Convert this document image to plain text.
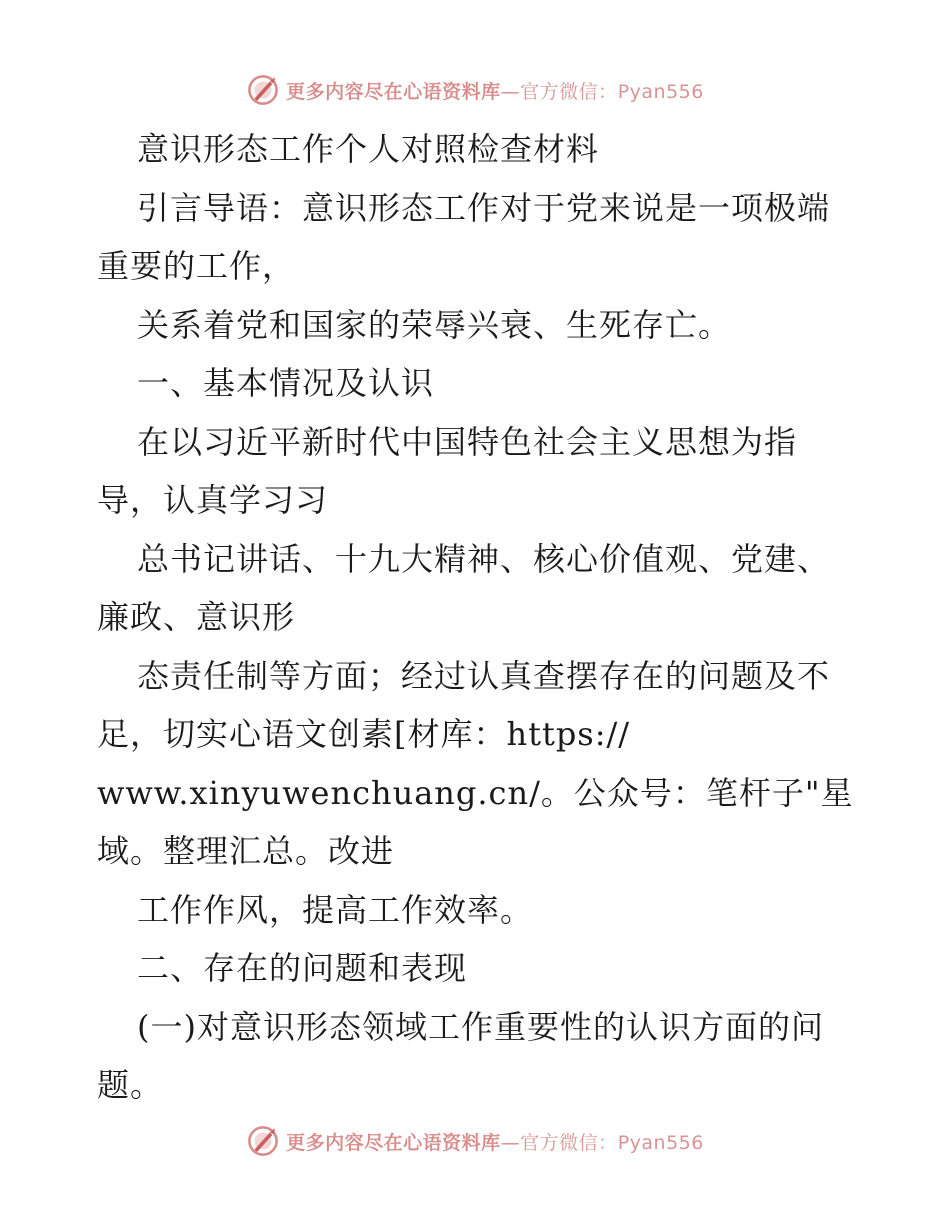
更多内容尽在心语资料库—官方微信：Pyan556
意识形态工作个人对照检查材料
引言导语：意识形态工作对于党来说是一项极端
重要的工作，
关系着党和国家的荣辱兴衰、生死存亡。
一、基本情况及认识
在以习近平新时代中国特色社会主义思想为指
导，认真学习习
总书记讲话、十九大精神、核心价值观、党建、
廉政、意识形
态责任制等方面；经过认真查摆存在的问题及不
足，切实心语文创素[材库：https://
www.xinyuwenchuang.cn/。公众号：笔杆子"星
域。整理汇总。改进
工作作风，提高工作效率。
二、存在的问题和表现
(一)对意识形态领域工作重要性的认识方面的问
题。
更多内容尽在心语资料库—官方微信：Pyan556
